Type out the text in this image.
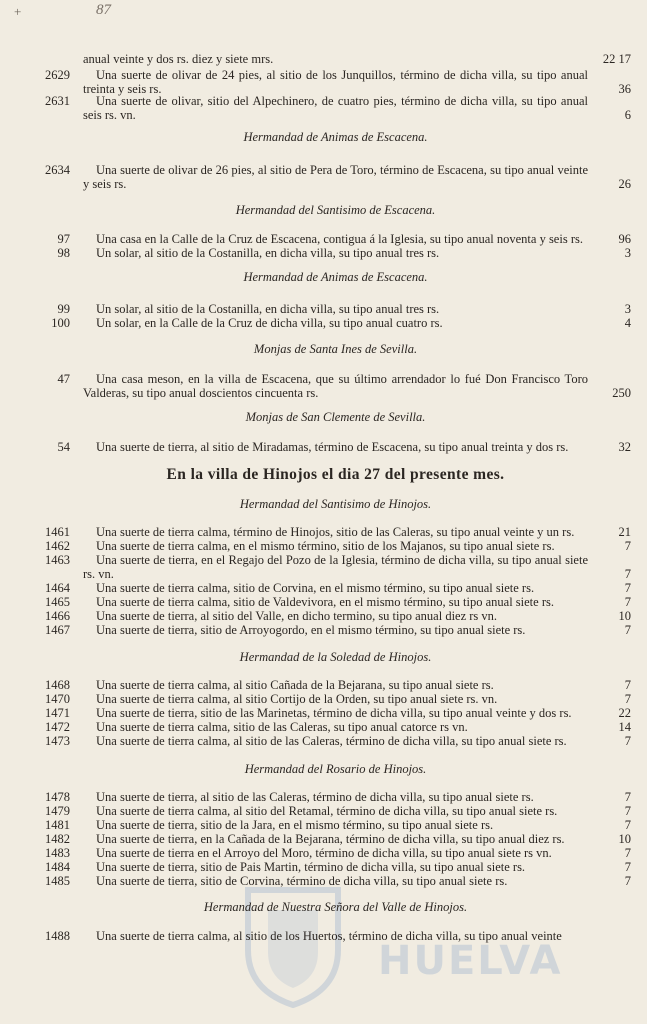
+	87
HUELVA
anual veinte y dos rs. diez y siete mrs.	22 17
2629	Una suerte de olivar de 24 pies, al sitio de los Junquillos, término de dicha villa, su tipo anual treinta y seis rs.	36
2631	Una suerte de olivar, sitio del Alpechinero, de cuatro pies, término de dicha villa, su tipo anual seis rs. vn.	6
Hermandad de Animas de Escacena.
2634	Una suerte de olivar de 26 pies, al sitio de Pera de Toro, término de Escacena, su tipo anual veinte y seis rs.	26
Hermandad del Santisimo de Escacena.
97	Una casa en la Calle de la Cruz de Escacena, contigua á la Iglesia, su tipo anual noventa y seis rs.	96
98	Un solar, al sitio de la Costanilla, en dicha villa, su tipo anual tres rs.	3
Hermandad de Animas de Escacena.
99	Un solar, al sitio de la Costanilla, en dicha villa, su tipo anual tres rs.	3
100	Un solar, en la Calle de la Cruz de dicha villa, su tipo anual cuatro rs.	4
Monjas de Santa Ines de Sevilla.
47	Una casa meson, en la villa de Escacena, que su último arrendador lo fué Don Francisco Toro Valderas, su tipo anual doscientos cincuenta rs.	250
Monjas de San Clemente de Sevilla.
54	Una suerte de tierra, al sitio de Miradamas, término de Escacena, su tipo anual treinta y dos rs.	32
En la villa de Hinojos el dia 27 del presente mes.
Hermandad del Santisimo de Hinojos.
1461	Una suerte de tierra calma, término de Hinojos, sitio de las Caleras, su tipo anual veinte y un rs.	21
1462	Una suerte de tierra calma, en el mismo término, sitio de los Majanos, su tipo anual siete rs.	7
1463	Una suerte de tierra, en el Regajo del Pozo de la Iglesia, término de dicha villa, su tipo anual siete rs. vn.	7
1464	Una suerte de tierra calma, sitio de Corvina, en el mismo término, su tipo anual siete rs.	7
1465	Una suerte de tierra calma, sitio de Valdevivora, en el mismo término, su tipo anual siete rs.	7
1466	Una suerte de tierra, al sitio del Valle, en dicho termino, su tipo anual diez rs vn.	10
1467	Una suerte de tierra, sitio de Arroyogordo, en el mismo término, su tipo anual siete rs.	7
Hermandad de la Soledad de Hinojos.
1468	Una suerte de tierra calma, al sitio Cañada de la Bejarana, su tipo anual siete rs.	7
1470	Una suerte de tierra calma, al sitio Cortijo de la Orden, su tipo anual siete rs. vn.	7
1471	Una suerte de tierra, sitio de las Marinetas, término de dicha villa, su tipo anual veinte y dos rs.	22
1472	Una suerte de tierra calma, sitio de las Caleras, su tipo anual catorce rs vn.	14
1473	Una suerte de tierra calma, al sitio de las Caleras, término de dicha villa, su tipo anual siete rs.	7
Hermandad del Rosario de Hinojos.
1478	Una suerte de tierra, al sitio de las Caleras, término de dicha villa, su tipo anual siete rs.	7
1479	Una suerte de tierra calma, al sitio del Retamal, término de dicha villa, su tipo anual siete rs.	7
1481	Una suerte de tierra, sitio de la Jara, en el mismo término, su tipo anual siete rs.	7
1482	Una suerte de tierra, en la Cañada de la Bejarana, término de dicha villa, su tipo anual diez rs.	10
1483	Una suerte de tierra en el Arroyo del Moro, término de dicha villa, su tipo anual siete rs vn.	7
1484	Una suerte de tierra, sitio de Pais Martin, término de dicha villa, su tipo anual siete rs.	7
1485	Una suerte de tierra, sitio de Corvina, término de dicha villa, su tipo anual siete rs.	7
Hermandad de Nuestra Señora del Valle de Hinojos.
1488	Una suerte de tierra calma, al sitio de los Huertos, término de dicha villa, su tipo anual veinte
